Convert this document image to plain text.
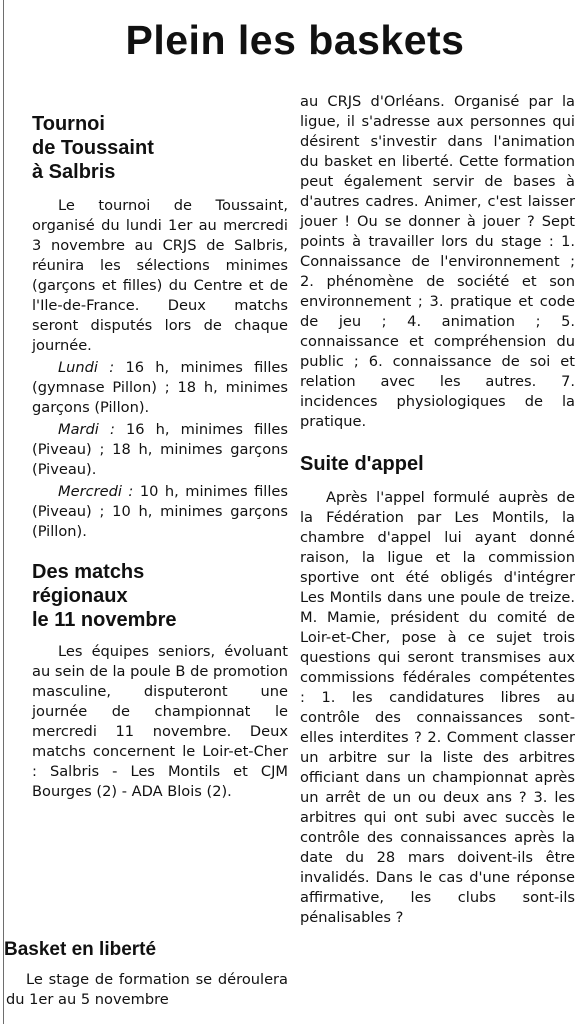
Plein les baskets
Tournoi
de Toussaint
à Salbris

Le tournoi de Toussaint, organisé du lundi 1er au mercredi 3 novembre au CRJS de Salbris, réunira les sélections minimes (garçons et filles) du Centre et de l'Ile-de-France. Deux matchs seront disputés lors de chaque journée.

Lundi : 16 h, minimes filles (gymnase Pillon) ; 18 h, minimes garçons (Pillon).

Mardi : 16 h, minimes filles (Piveau) ; 18 h, minimes garçons (Piveau).

Mercredi : 10 h, minimes filles (Piveau) ; 10 h, minimes garçons (Pillon).

Des matchs
régionaux
le 11 novembre

Les équipes seniors, évoluant au sein de la poule B de promotion masculine, disputeront une journée de championnat le mercredi 11 novembre. Deux matchs concernent le Loir-et-Cher : Salbris - Les Montils et CJM Bourges (2) - ADA Blois (2).

Basket en liberté

Le stage de formation se déroulera du 1er au 5 novembre

au CRJS d'Orléans. Organisé par la ligue, il s'adresse aux personnes qui désirent s'investir dans l'animation du basket en liberté. Cette formation peut également servir de bases à d'autres cadres. Animer, c'est laisser jouer ! Ou se donner à jouer ? Sept points à travailler lors du stage : 1. Connaissance de l'environnement ; 2. phénomène de société et son environnement ; 3. pratique et code de jeu ; 4. animation ; 5. connaissance et compréhension du public ; 6. connaissance de soi et relation avec les autres. 7. incidences physiologiques de la pratique.

Suite d'appel

Après l'appel formulé auprès de la Fédération par Les Montils, la chambre d'appel lui ayant donné raison, la ligue et la commission sportive ont été obligés d'intégrer Les Montils dans une poule de treize. M. Mamie, président du comité de Loir-et-Cher, pose à ce sujet trois questions qui seront transmises aux commissions fédérales compétentes : 1. les candidatures libres au contrôle des connaissances sont-elles interdites ? 2. Comment classer un arbitre sur la liste des arbitres officiant dans un championnat après un arrêt de un ou deux ans ? 3. les arbitres qui ont subi avec succès le contrôle des connaissances après la date du 28 mars doivent-ils être invalidés. Dans le cas d'une réponse affirmative, les clubs sont-ils pénalisables ?
